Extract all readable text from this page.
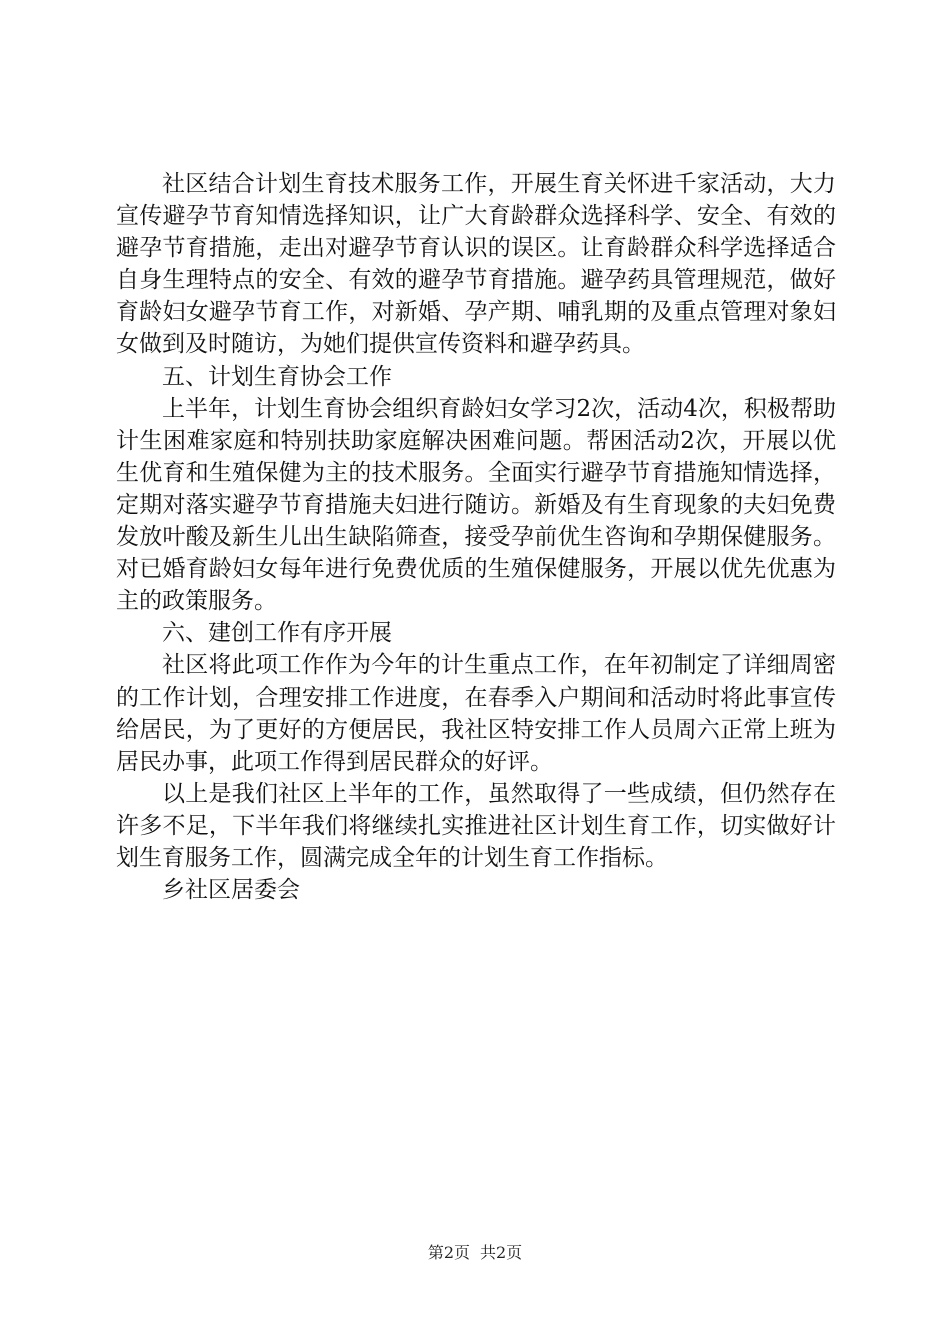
社区结合计划生育技术服务工作，开展生育关怀进千家活动，大力宣传避孕节育知情选择知识，让广大育龄群众选择科学、安全、有效的避孕节育措施，走出对避孕节育认识的误区。让育龄群众科学选择适合自身生理特点的安全、有效的避孕节育措施。避孕药具管理规范，做好育龄妇女避孕节育工作，对新婚、孕产期、哺乳期的及重点管理对象妇女做到及时随访，为她们提供宣传资料和避孕药具。

五、计划生育协会工作

上半年，计划生育协会组织育龄妇女学习2次，活动4次，积极帮助计生困难家庭和特别扶助家庭解决困难问题。帮困活动2次，开展以优生优育和生殖保健为主的技术服务。全面实行避孕节育措施知情选择，定期对落实避孕节育措施夫妇进行随访。新婚及有生育现象的夫妇免费发放叶酸及新生儿出生缺陷筛查，接受孕前优生咨询和孕期保健服务。对已婚育龄妇女每年进行免费优质的生殖保健服务，开展以优先优惠为主的政策服务。

六、建创工作有序开展

社区将此项工作作为今年的计生重点工作，在年初制定了详细周密的工作计划，合理安排工作进度，在春季入户期间和活动时将此事宣传给居民，为了更好的方便居民，我社区特安排工作人员周六正常上班为居民办事，此项工作得到居民群众的好评。

以上是我们社区上半年的工作，虽然取得了一些成绩，但仍然存在许多不足，下半年我们将继续扎实推进社区计划生育工作，切实做好计划生育服务工作，圆满完成全年的计划生育工作指标。

乡社区居委会

第2页 共2页
